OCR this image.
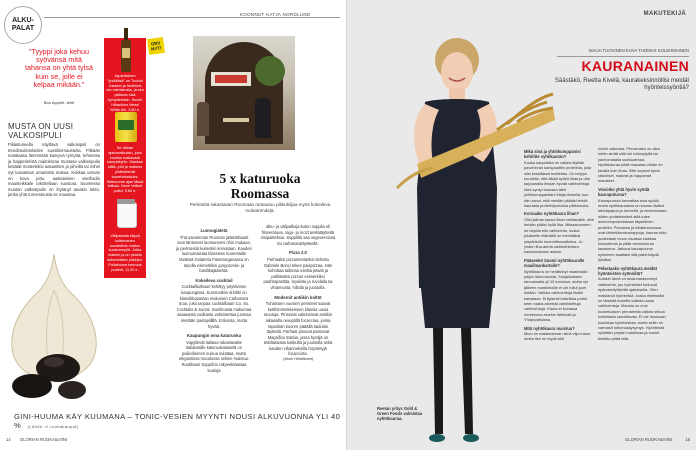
ALKU-
PALAT
KOONNUT KATJA NORDLUND
"Tyyppi joka kehuu syövänsä mitä tahansa on yhtä tylsä kuin se, jolle ei kelpaa mikään."
Bon Appetit -lehti
MUSTA ON UUSI VALKOSIPULI
Piilantuneella näyttävä valkosipuli on trendiraviintoloiden suosikkimausteita. Pitkään matalassa lämmössä kasvyvä tyrnyttä, tehnessa ja happetimistä maitokoraa mustasa valkosipulia kesätät moitenkiksi aasaeitten ja pihvillä tai mihin nyt kaivatisan umamista makua. Kokkaa urnami on kova juttu, aasiatoisien vaelhadin mausteikkaile ioktotellaan suosiota. Suomessa mustan valkosipulin on löytänyt ainakin tekto, jonka yhtä tunnestuusta se maustaa.
GRV NYT!
Japanilainen "yhtälöisä" on Tuohot Jukalon ja hedelmä ran valmistusta, ja sen pääosin sisä hymytietoisin. Suoch Hibachino Mead White Ale, 3,80 e.
Se vikkae ajalmaalkutalu, joka kuultuu makavasti kampiatylön. Maukas siitiä, pirit ja makeus yhdistelevät tuorehekastuks. Wekumme ajan tässä talihaa. Hane Veitket pullot, 5,60 e.
Välipalosta käyvä kulttunanen koostuttuä maitoo kuukunmyöä. Jotka makein ja on palaitu kaksinkisten pirkkien. Pullakuusa keurous pudeet, 11,29 e.
5 x katuruoka Roomassa
Perinteitä rakastavan Roomaan rantautuu pikkuhiljaa myös kokeileva ruokatrendejä.
Luonugiätetä

Yhä useamman Rooman jäätelöbaarit ovat tänteneet luomuneeni ohin mukaan, ja perinteisiä kuitenkin korvataan. Kauden luomumaistaa klassisen kuorestalle tävässä Gelateria Fatamorganassa on tarjolla esimerkiksi gorgonzola- ja basilikajäätelöä.

Kokeileva cocktail

Cocktailkulttuuri kehittyy pöytävinen kaupungissa. Kummatkiin drinkki on klassikkopastan makuinen Carbonara Sour, joka tarjoaa cocktailbaari Co. So. Cocktails & Social. Sanihnasta makumaa saaavasta vodkasta valmistettua juomaa imetään pastapillillä. Erikoista, mutta hyvää.

Kaupungin oma katuruoka

Vapyilevät italiasa rakastavatte italialaisille katuruokalaiselä on paikoiheinen suisua sulattaa, mutta elegantissa muodossa sekine maistuu. Ruokbaari Supplizio rakyeeklaasiaa kuuluja

alku- ja välipalkoja kuten supplia eli friteeratuua, ragu- ja mozzarellatäytteitä riisipaitteksia. Supplilta saa vegeversiona tai carbonaratäytteellä.

Pizza 2.0

Parhaaksi pizzamestariksi tiehuttu Gabriele Bonci tekee paispizzaa. Hän kohottaa taikinaa useilta päiviä ja palkitseksi pizzan esimerkiksi paahtopastitta, sipulista ja ruvolalla tai vihannusta, hillolla ja juustolla.

Modernit antiikin kolttö

Tuhansien vuosien perinteet saavat kettilömmekkeiseen klassia uusia muotoja. Pinsenat valmistavat antiikin aikaasilla reseptillä focacciaa, jonka raposkan kuoren pääällä taidolan täytteitä. Parhaat pinseat paistuvat Magnificu Eatsia, jossa hyväjä on tiskiltataistia kotikulta ja juustolla sekä kauden vihanneksilla höystetyjä focacciota.

(Jenni Hihtiläinen)

GINI-HUUMA KÄY KUUMANA – TONIC-VESIEN MYYNTI NOUSI ALKUVUONNA YLI 40 % (Lähde: K-ruokakaupat)
14 GLORIAN RUOKA&VIINI
MAKUTEKIJÄ
MAIJA TUOVINEN KUVA THOMAS KOLEHMAINEN
KAURANAINEN
Säästäkö, Reetta Kivelä, kaurakeksinnöllisi meidät hyönteissyöntiä?
Mikä sinä ja yhtiökumppanisi kehititte vyhtikauran?
Kuuka kaupalista on valkea tilyttää pavohevan kanspaattiin proteiinia, joka olisi keskitässä tuotteitas. On helppo huudella, että älkää syökö lihaa ja olisi tarjoamalla ilmaan hyvää vaihtoehtoja. Idea syntyi kauraan tähti yhtiökumppanitani Maija Ikosella, kun hän sanoi, että meidän pitääisi tehdä kaurasta proteiinipohoisia pätkäruoka.
Korvaako nyhtökaura lihan?
Olisi jalinas sanoa lihan vaihtavaille, että heidän pitäisi hyllä liha. Mitasamoneen on tarjolla elle vaihtoehto, koska jokaiselle elämältä on merkittävä ympäristön kuormittusvaikutus. Jo yhden liha-ateria vaihtoehtoisen kasvisruokaan auttaa.
Pääseekö Suomi nyhtökauralle maailmankartalle?
Nyhtökaura on herättänyt maailmalla paljon kiinnostusta. Sosjaluottaan tarvoamalla yli 10 tunnissa, mutta nyt jälkeen markkinoille ei ole tullut juuri mitään. Valikka vaihtoehtoja lihalle kaivataan. Erityisesti toisellisia protei seen raaka-aineista valmistettuja vaihtoehtoja. Kaura ei kovaasa ironteenna eksrkin lähtevää ja Yhdysvaltoissa.
Mitä nyhtökaura maistuu?
Mum on maistarensan siinä vilja maun, mutta itse en löydä sitä
koviin valtuvisa. Perusmaku on aika mieto sinää siitä ole tottunytyttä tai yachomatalla suulsuotmaa. Nyhtökauraa pitää maustaa vähän en tavalla kuin lihaa. Sille sopivat hyvin rakkeiset, makeat ja happamat mausteet.
Voisinko yhtä hyvin syödä kauraputuroa?
Kaurapuuroa kannattaa aina syödä, mutta nyhtökaurassa on kauran lisäksi härkäpapua ja herneitä, ja nimenomaan niiden yhdistelmänä siitä tulee aminohoposhoistaan täydellinen proteiini. Prevassa ja kikatenomussa ovat tärheitäaminohappoja, kauran tuttu pudestaan muun muassa siakkaa koksuttenia ja pitää verenokeran tasaisena. Jatkuva kaurapuuron syöminen saattaisi sitä paitsi käydä tylsäksi.
Pelastaako nyhtökaura meidät hyönteisten syönniltä?
Aniakin tämä on tavannaskevempi vaihtoehto, jos hyönteiset tuntuvat epämieellyttäviltä ajatuksella. Olen maistanut hyönteisiä, koska mielestäni on tärkeää kokeilla kaikkia uusia vaihtoehtoja. Mausta on ensi kookekuksen perusteella vaikea sekoa kohtelasta sanoittavaa. Ei ole muukaan kuuluttaa hyönteiskaa, mutta sekin on varmasti tottumuskysymys. Hyönteistä syödään ympäri maailmaa ja monet tiedelta pitää niitä.
Reetan yritys Gold & Green Foods valmistaa nyhtökauraa.
GLORIAN RUOKA&VIINI	15
